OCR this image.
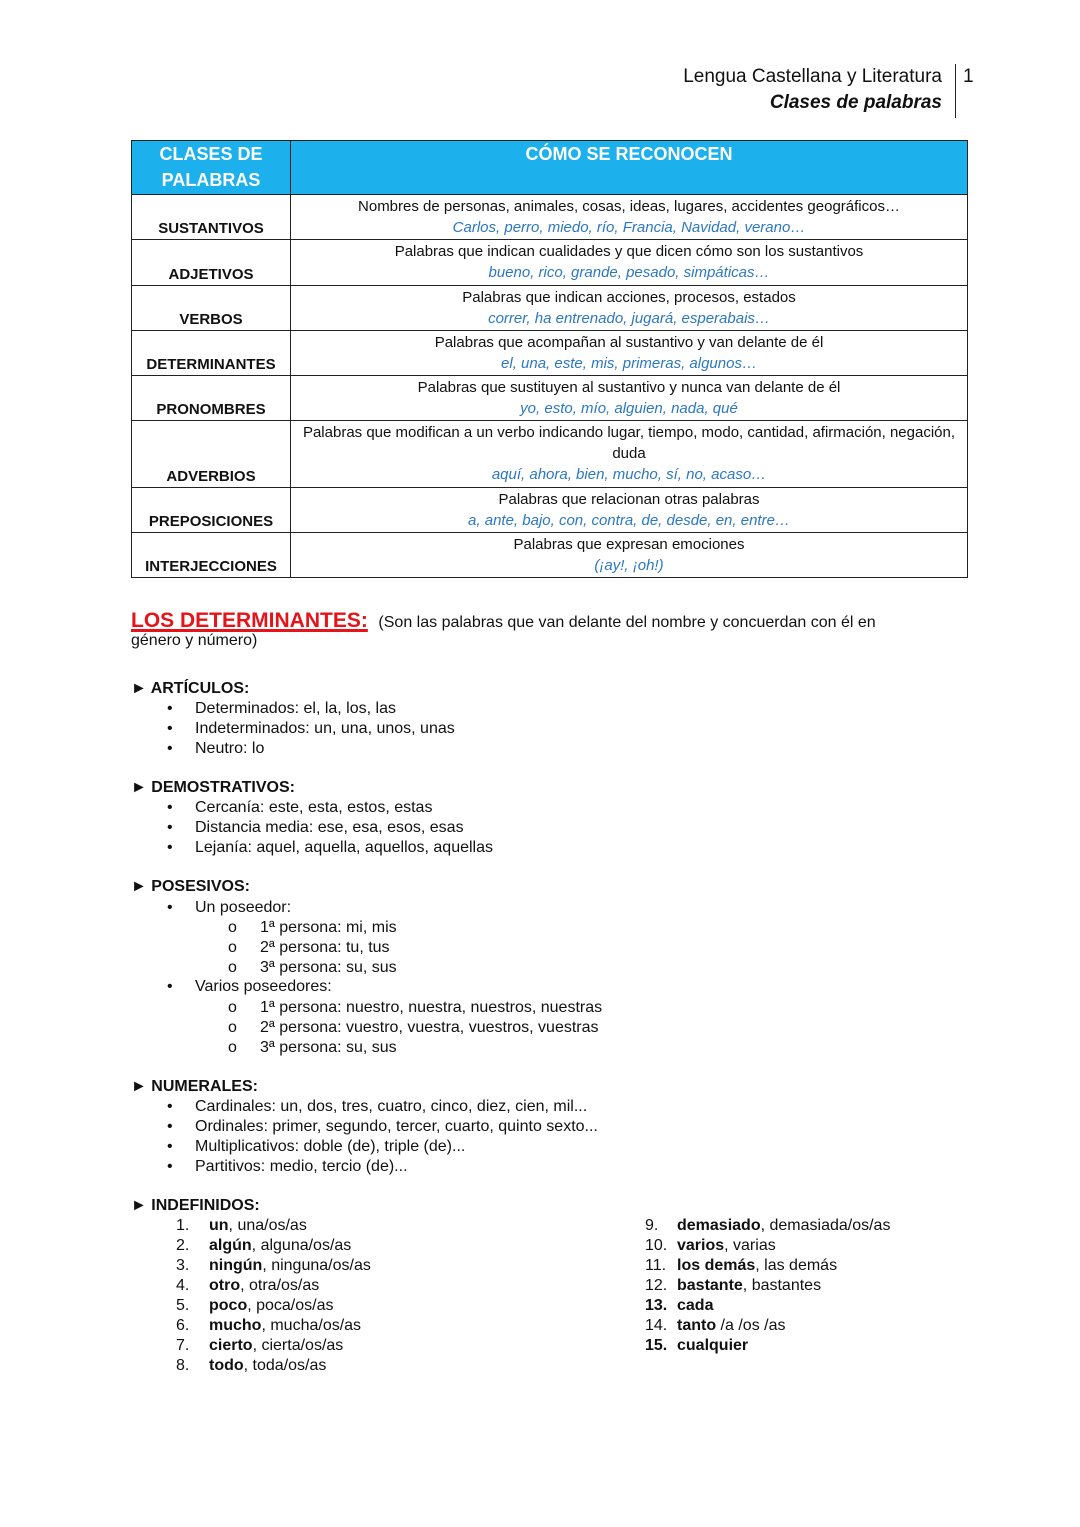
Lengua Castellana y Literatura
Clases de palabras
1
CLASES DE PALABRAS	CÓMO SE RECONOCEN
SUSTANTIVOS	Nombres de personas, animales, cosas, ideas, lugares, accidentes geográficos…
Carlos, perro, miedo, río, Francia, Navidad, verano…

ADJETIVOS	Palabras que indican cualidades y que dicen cómo son los sustantivos
bueno, rico, grande, pesado, simpáticas…

VERBOS	Palabras que indican acciones, procesos, estados
correr, ha entrenado, jugará, esperabais…

DETERMINANTES	Palabras que acompañan al sustantivo y van delante de él
el, una, este, mis, primeras, algunos…

PRONOMBRES	Palabras que sustituyen al sustantivo y nunca van delante de él
yo, esto, mío, alguien, nada, qué

ADVERBIOS	Palabras que modifican a un verbo indicando lugar, tiempo, modo, cantidad, afirmación, negación, duda
aquí, ahora, bien, mucho, sí, no, acaso…

PREPOSICIONES	Palabras que relacionan otras palabras
a, ante, bajo, con, contra, de, desde, en, entre…

INTERJECCIONES	Palabras que expresan emociones
(¡ay!, ¡oh!)
LOS DETERMINANTES: (Son las palabras que van delante del nombre y concuerdan con él en
género y número)
► ARTÍCULOS:
• Determinados: el, la, los, las
• Indeterminados: un, una, unos, unas
• Neutro: lo
► DEMOSTRATIVOS:
• Cercanía: este, esta, estos, estas
• Distancia media: ese, esa, esos, esas
• Lejanía: aquel, aquella, aquellos, aquellas
► POSESIVOS:
• Un poseedor:
o 1ª persona: mi, mis
o 2ª persona: tu, tus
o 3ª persona: su, sus
• Varios poseedores:
o 1ª persona: nuestro, nuestra, nuestros, nuestras
o 2ª persona: vuestro, vuestra, vuestros, vuestras
o 3ª persona: su, sus
► NUMERALES:
• Cardinales: un, dos, tres, cuatro, cinco, diez, cien, mil...
• Ordinales: primer, segundo, tercer, cuarto, quinto sexto...
• Multiplicativos: doble (de), triple (de)...
• Partitivos: medio, tercio (de)...
► INDEFINIDOS:
1. un, una/os/as
2. algún, alguna/os/as
3. ningún, ninguna/os/as
4. otro, otra/os/as
5. poco, poca/os/as
6. mucho, mucha/os/as
7. cierto, cierta/os/as
8. todo, toda/os/as
9. demasiado, demasiada/os/as
10. varios, varias
11. los demás, las demás
12. bastante, bastantes
13. cada
14. tanto /a /os /as
15. cualquier
